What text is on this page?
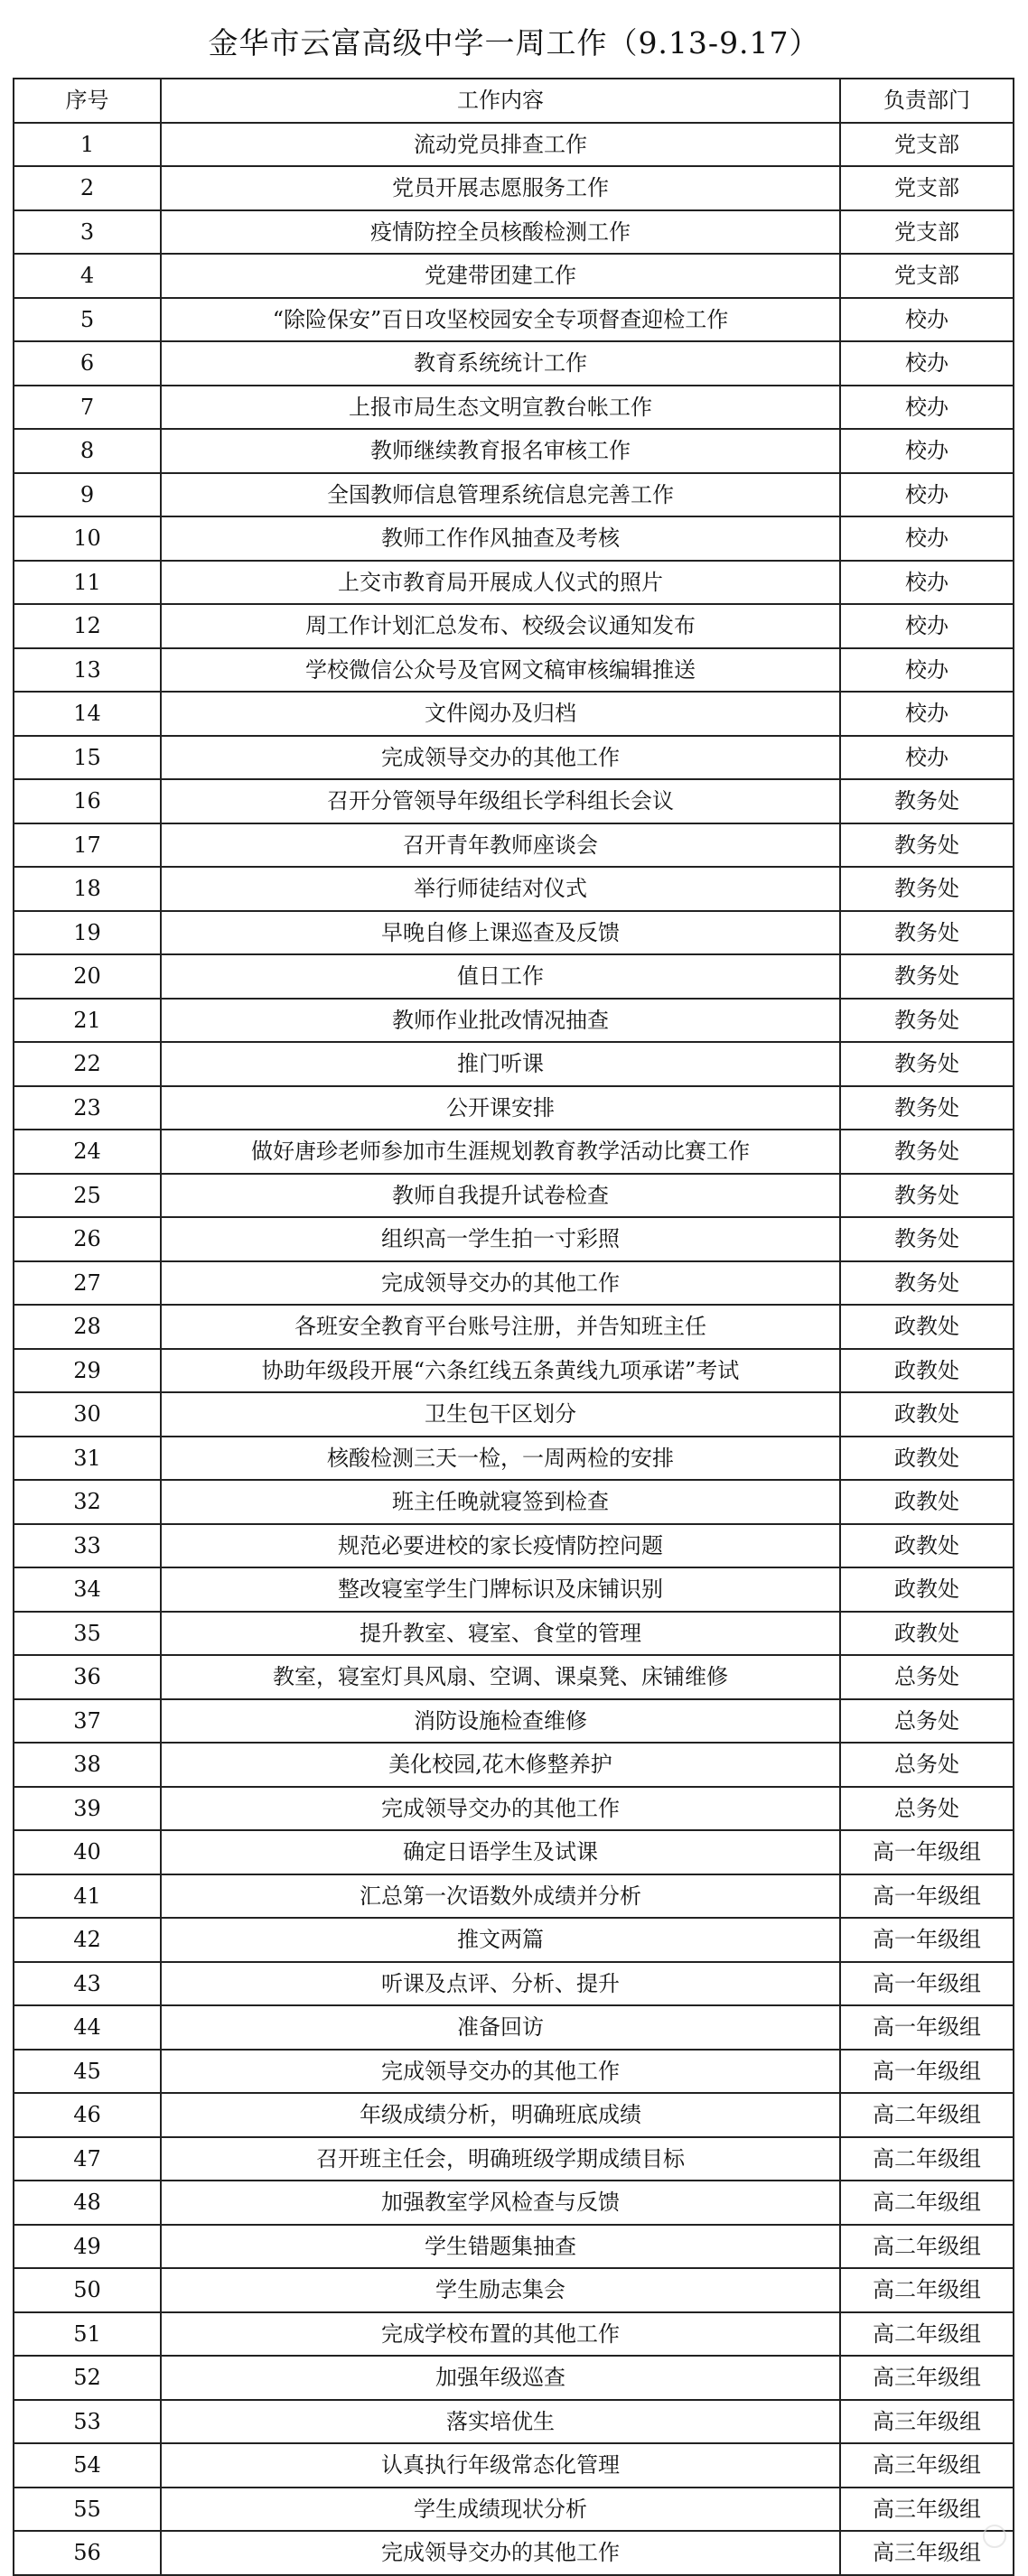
金华市云富高级中学一周工作（9.13-9.17）
序号	工作内容	负责部门
1	流动党员排查工作	党支部
2	党员开展志愿服务工作	党支部
3	疫情防控全员核酸检测工作	党支部
4	党建带团建工作	党支部
5	“除险保安”百日攻坚校园安全专项督查迎检工作	校办
6	教育系统统计工作	校办
7	上报市局生态文明宣教台帐工作	校办
8	教师继续教育报名审核工作	校办
9	全国教师信息管理系统信息完善工作	校办
10	教师工作作风抽查及考核	校办
11	上交市教育局开展成人仪式的照片	校办
12	周工作计划汇总发布、校级会议通知发布	校办
13	学校微信公众号及官网文稿审核编辑推送	校办
14	文件阅办及归档	校办
15	完成领导交办的其他工作	校办
16	召开分管领导年级组长学科组长会议	教务处
17	召开青年教师座谈会	教务处
18	举行师徒结对仪式	教务处
19	早晚自修上课巡查及反馈	教务处
20	值日工作	教务处
21	教师作业批改情况抽查	教务处
22	推门听课	教务处
23	公开课安排	教务处
24	做好唐珍老师参加市生涯规划教育教学活动比赛工作	教务处
25	教师自我提升试卷检查	教务处
26	组织高一学生拍一寸彩照	教务处
27	完成领导交办的其他工作	教务处
28	各班安全教育平台账号注册，并告知班主任	政教处
29	协助年级段开展“六条红线五条黄线九项承诺”考试	政教处
30	卫生包干区划分	政教处
31	核酸检测三天一检，一周两检的安排	政教处
32	班主任晚就寝签到检查	政教处
33	规范必要进校的家长疫情防控问题	政教处
34	整改寝室学生门牌标识及床铺识别	政教处
35	提升教室、寝室、食堂的管理	政教处
36	教室，寝室灯具风扇、空调、课桌凳、床铺维修	总务处
37	消防设施检查维修	总务处
38	美化校园,花木修整养护	总务处
39	完成领导交办的其他工作	总务处
40	确定日语学生及试课	高一年级组
41	汇总第一次语数外成绩并分析	高一年级组
42	推文两篇	高一年级组
43	听课及点评、分析、提升	高一年级组
44	准备回访	高一年级组
45	完成领导交办的其他工作	高一年级组
46	年级成绩分析，明确班底成绩	高二年级组
47	召开班主任会，明确班级学期成绩目标	高二年级组
48	加强教室学风检查与反馈	高二年级组
49	学生错题集抽查	高二年级组
50	学生励志集会	高二年级组
51	完成学校布置的其他工作	高二年级组
52	加强年级巡查	高三年级组
53	落实培优生	高三年级组
54	认真执行年级常态化管理	高三年级组
55	学生成绩现状分析	高三年级组
56	完成领导交办的其他工作	高三年级组
